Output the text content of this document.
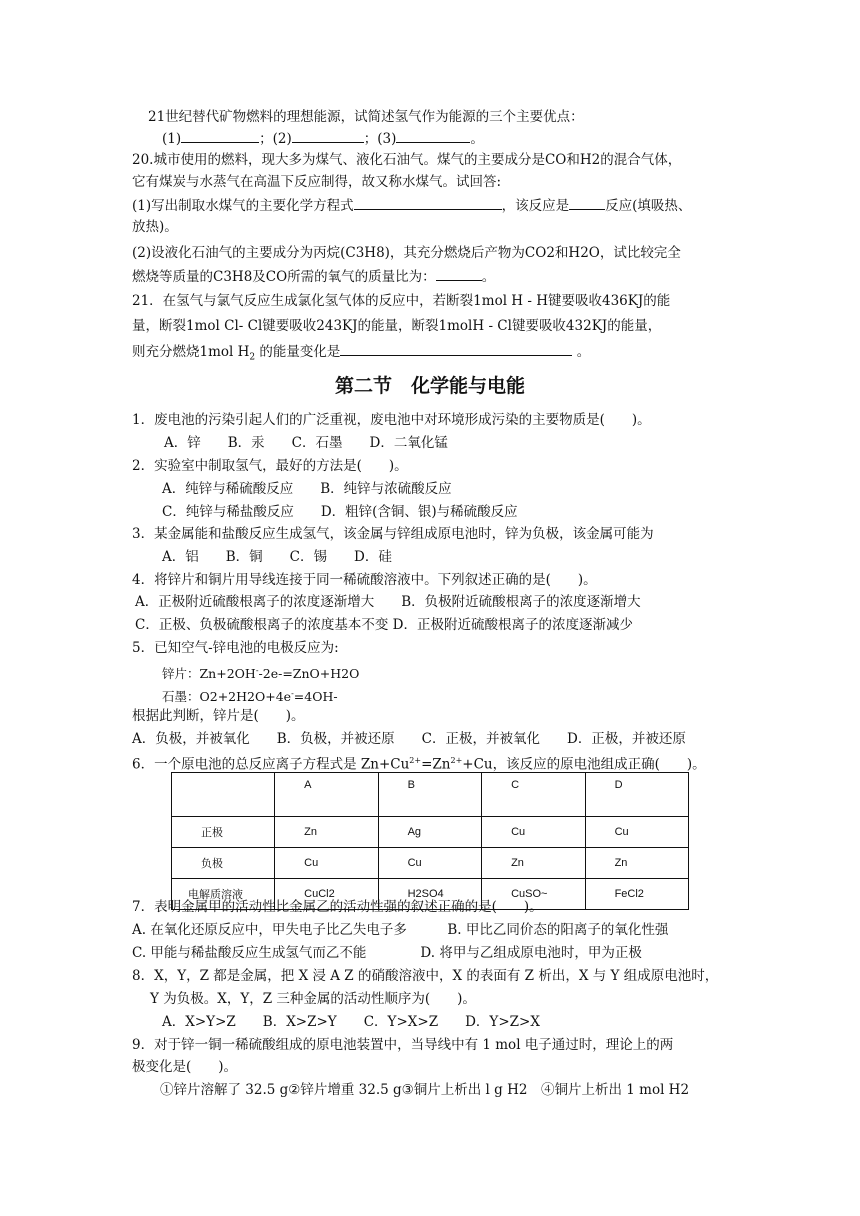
21世纪替代矿物燃料的理想能源，试简述氢气作为能源的三个主要优点：
(1)	；(2)	；(3)	。
20.城市使用的燃料，现大多为煤气、液化石油气。煤气的主要成分是CO和H2的混合气体，
它有煤炭与水蒸气在高温下反应制得，故又称水煤气。试回答:
(1)写出制取水煤气的主要化学方程式	，该反应是	反应(填吸热、
放热)。
(2)设液化石油气的主要成分为丙烷(C3H8)，其充分燃烧后产物为CO2和H2O，试比较完全
燃烧等质量的C3H8及CO所需的氧气的质量比为：	。
21．在氢气与氯气反应生成氯化氢气体的反应中，若断裂1mol H - H键要吸收436KJ的能
量，断裂1mol Cl- Cl键要吸收243KJ的能量，断裂1molH - Cl键要吸收432KJ的能量，
则充分燃烧1mol $H_2$ 的能量变化是	。
第二节　化学能与电能
1．废电池的污染引起人们的广泛重视，废电池中对环境形成污染的主要物质是(　　)。
A．锌　　B．汞　　C．石墨　　D．二氧化锰
2．实验室中制取氢气，最好的方法是(　　)。
A．纯锌与稀硫酸反应　　B．纯锌与浓硫酸反应
C．纯锌与稀盐酸反应　　D．粗锌(含铜、银)与稀硫酸反应
3．某金属能和盐酸反应生成氢气，该金属与锌组成原电池时，锌为负极，该金属可能为
A．铝　　B．铜　　C．锡　　D．硅
4．将锌片和铜片用导线连接于同一稀硫酸溶液中。下列叙述正确的是(　　)。
A．正极附近硫酸根离子的浓度逐渐增大　　B．负极附近硫酸根离子的浓度逐渐增大
C．正极、负极硫酸根离子的浓度基本不变 D．正极附近硫酸根离子的浓度逐渐减少
5．已知空气-锌电池的电极反应为:
锌片：Zn+2OH--2e-=ZnO+H2O
石墨：O2+2H2O+4e-=4OH-
根据此判断，锌片是(　　)。
A．负极，并被氧化　　B．负极，并被还原　　C．正极，并被氧化　　D．正极，并被还原
6．一个原电池的总反应离子方程式是 $Zn+Cu^{2+}=Zn^{2+}+Cu$，该反应的原电池组成正确(　　)。
	A	B	C	D
正极	Zn	Ag	Cu	Cu
负极	Cu	Cu	Zn	Zn
电解质溶液	CuCl2	H2SO4	CuSO~	FeCl2
7．表明金属甲的活动性比金属乙的活动性强的叙述正确的是(　　)。
A. 在氧化还原反应中，甲失电子比乙失电子多　　　B. 甲比乙同价态的阳离子的氧化性强
C. 甲能与稀盐酸反应生成氢气而乙不能　　　　D. 将甲与乙组成原电池时，甲为正极
8．X，Y，Z 都是金属，把 X 浸 A Z 的硝酸溶液中，X 的表面有 Z 析出，X 与 Y 组成原电池时，
Y 为负极。X，Y，Z 三种金属的活动性顺序为(　　)。
A．X>Y>Z　　B．X>Z>Y　　C．Y>X>Z　　D．Y>Z>X
9．对于锌一铜一稀硫酸组成的原电池装置中，当导线中有 1 mol 电子通过时，理论上的两
极变化是(　　)。
①锌片溶解了 32.5 g②锌片增重 32.5 g③铜片上析出 l g H2　④铜片上析出 1 mol H2
